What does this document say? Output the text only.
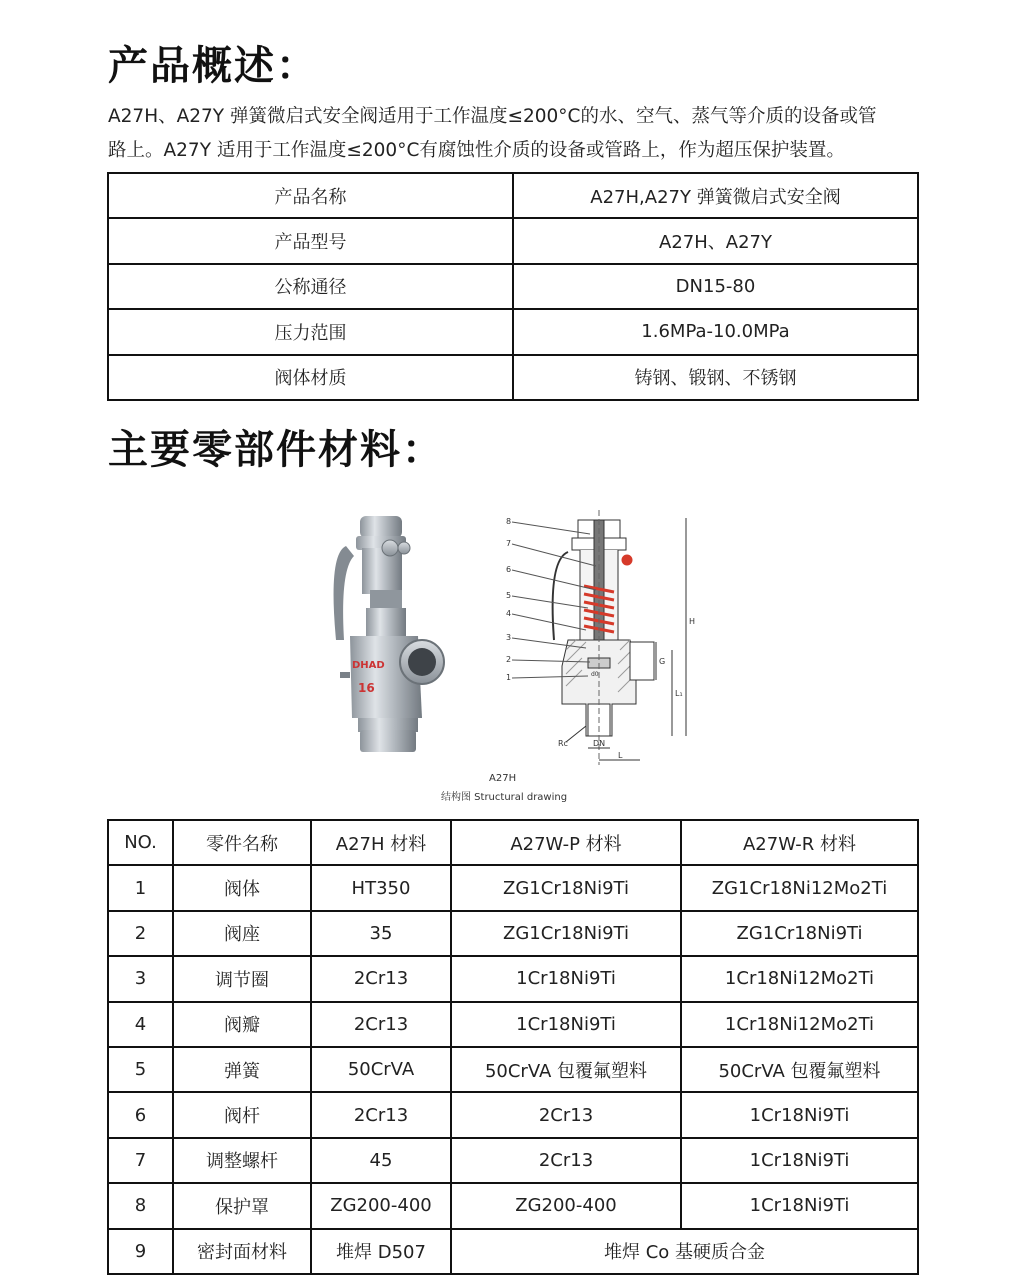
产品概述：
A27H、A27Y 弹簧微启式安全阀适用于工作温度≤200°C的水、空气、蒸气等介质的设备或管
路上。A27Y 适用于工作温度≤200°C有腐蚀性介质的设备或管路上，作为超压保护装置。
产品名称	A27H,A27Y 弹簧微启式安全阀
产品型号	A27H、A27Y
公称通径	DN15-80
压力范围	1.6MPa-10.0MPa
阀体材质	铸钢、锻钢、不锈钢
主要零部件材料：
DHAD
16
8
7
6
5
4
3
2
1
H
G
L₁
DN
L
Rc
d0
A27H
结构图 Structural drawing
NO.	零件名称	A27H 材料	A27W-P 材料	A27W-R 材料
1	阀体	HT350	ZG1Cr18Ni9Ti	ZG1Cr18Ni12Mo2Ti
2	阀座	35	ZG1Cr18Ni9Ti	ZG1Cr18Ni9Ti
3	调节圈	2Cr13	1Cr18Ni9Ti	1Cr18Ni12Mo2Ti
4	阀瓣	2Cr13	1Cr18Ni9Ti	1Cr18Ni12Mo2Ti
5	弹簧	50CrVA	50CrVA 包覆氟塑料	50CrVA 包覆氟塑料
6	阀杆	2Cr13	2Cr13	1Cr18Ni9Ti
7	调整螺杆	45	2Cr13	1Cr18Ni9Ti
8	保护罩	ZG200-400	ZG200-400	1Cr18Ni9Ti
9	密封面材料	堆焊 D507	堆焊 Co 基硬质合金	
